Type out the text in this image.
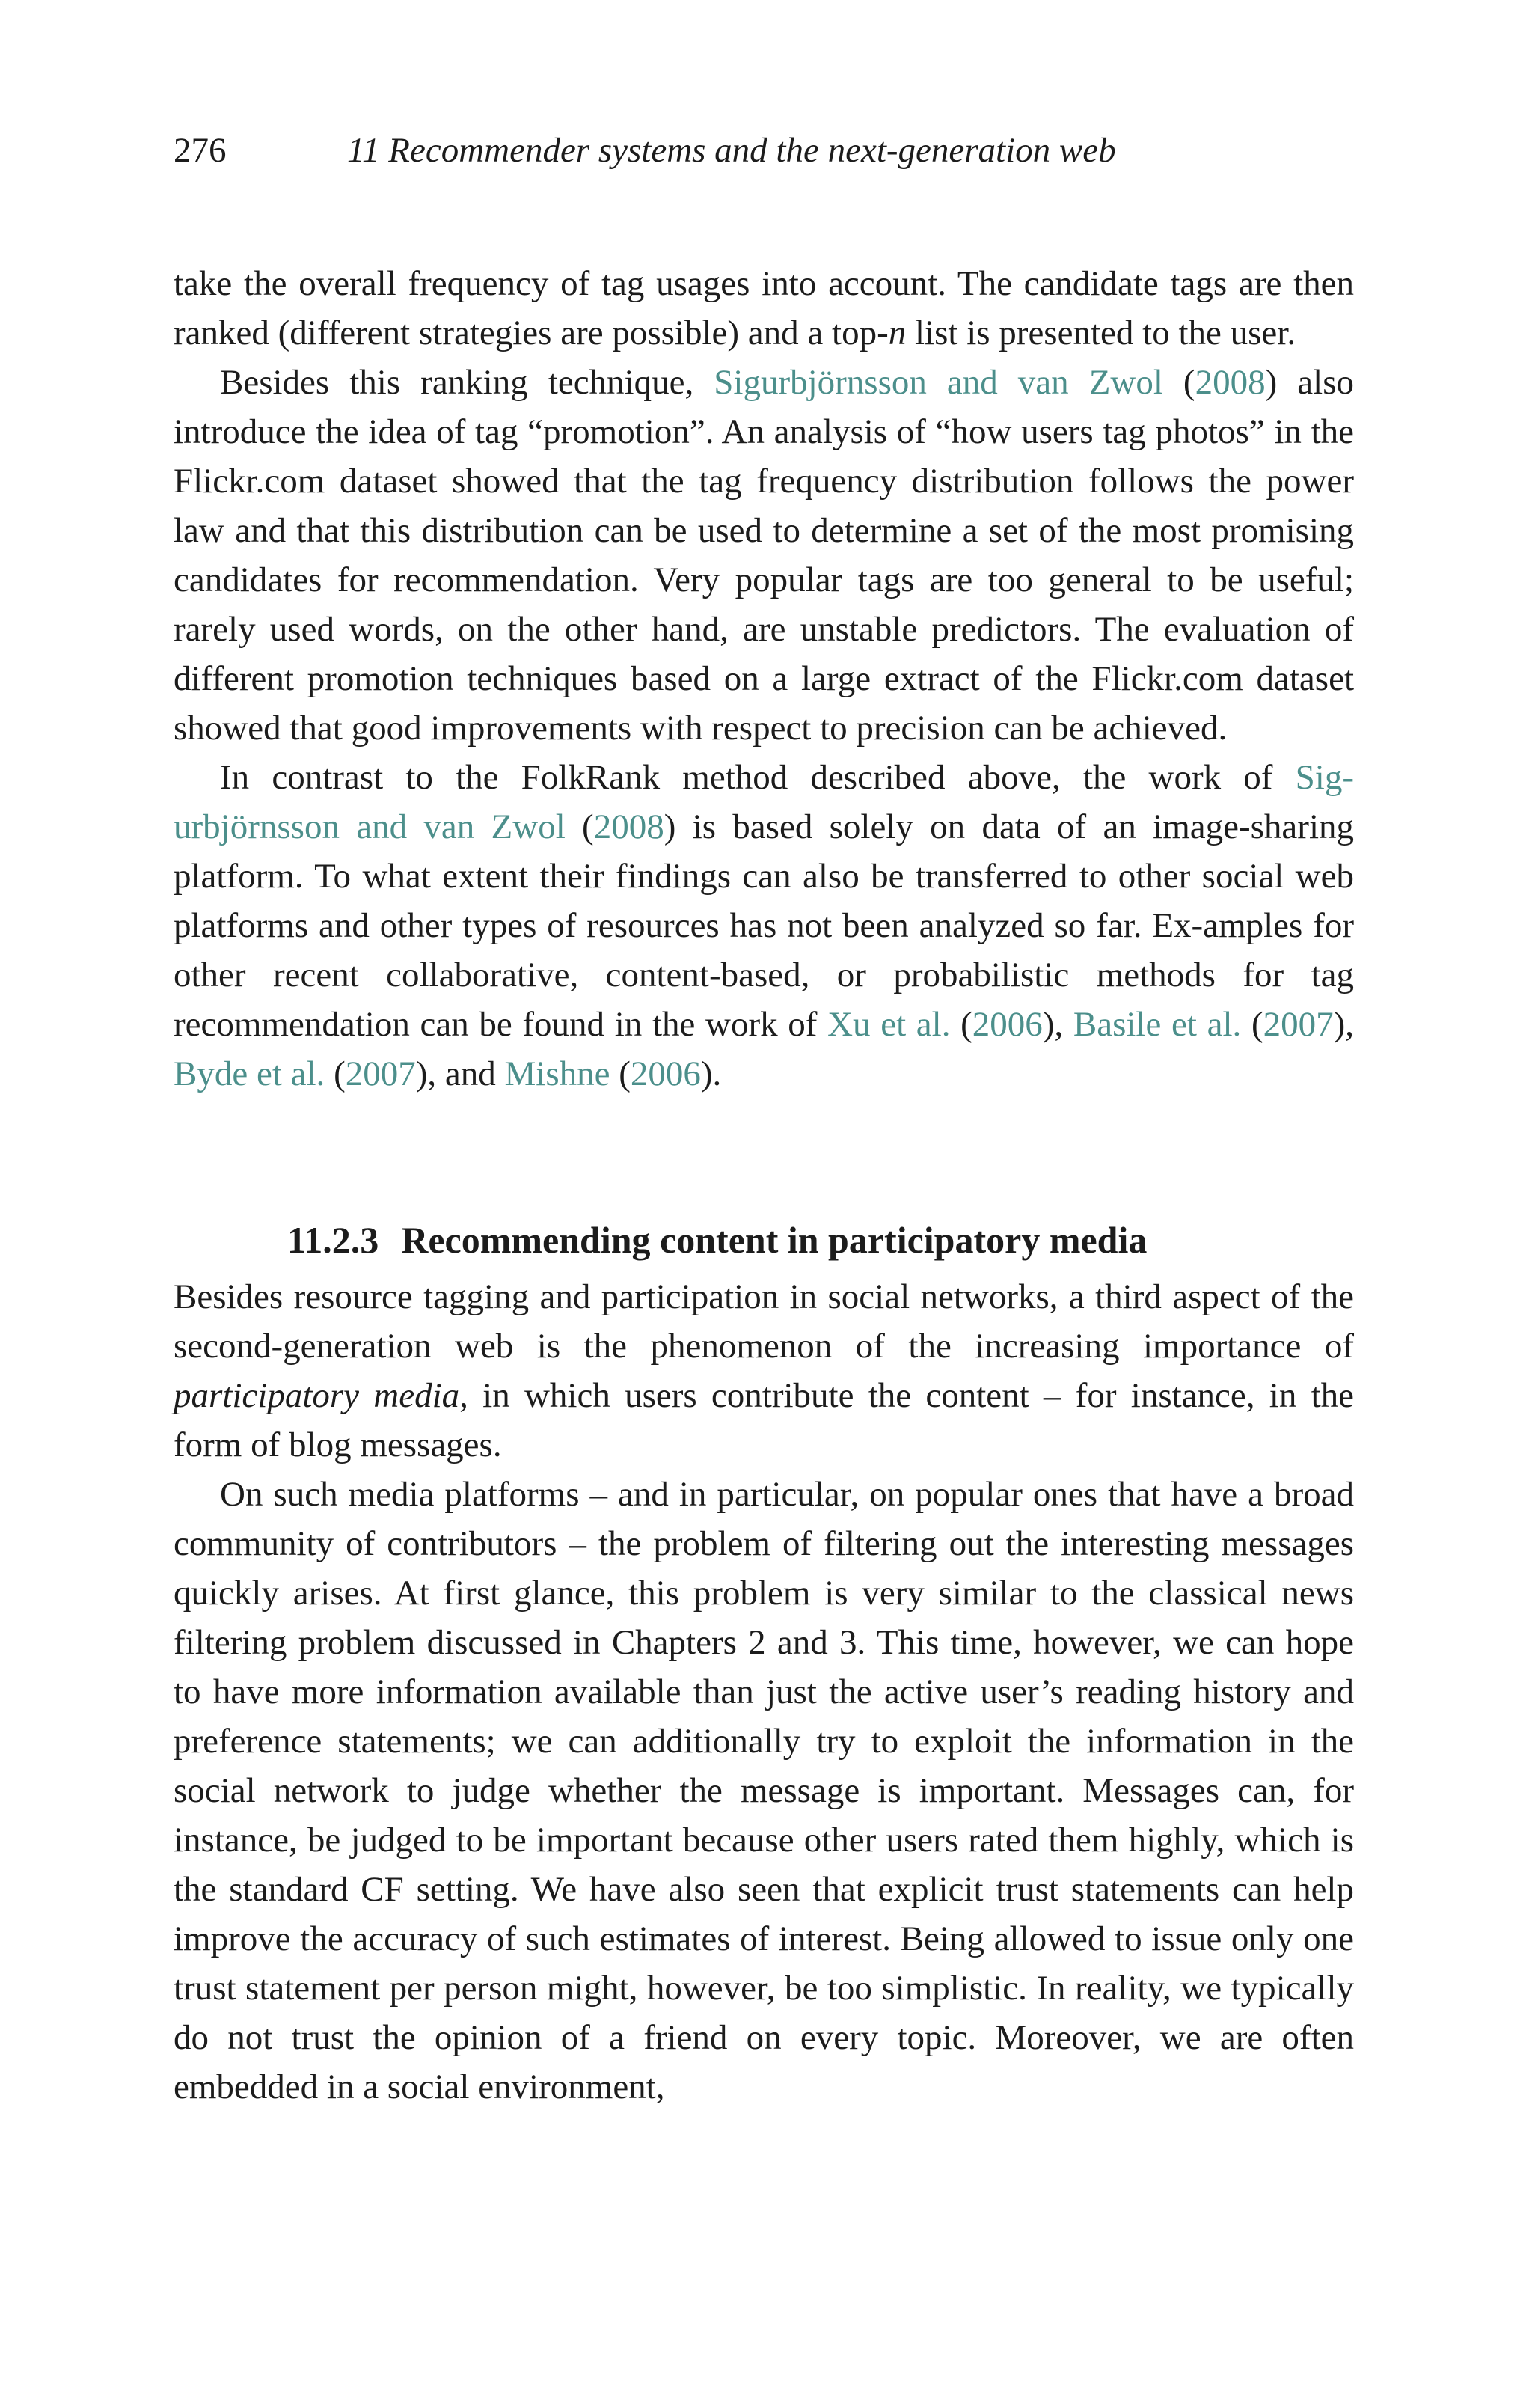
276	11 Recommender systems and the next-generation web

take the overall frequency of tag usages into account. The candidate tags are then ranked (different strategies are possible) and a top-n list is presented to the user.

Besides this ranking technique, Sigurbjörnsson and van Zwol (2008) also introduce the idea of tag “promotion”. An analysis of “how users tag photos” in the Flickr.com dataset showed that the tag frequency distribution follows the power law and that this distribution can be used to determine a set of the most promising candidates for recommendation. Very popular tags are too general to be useful; rarely used words, on the other hand, are unstable predictors. The evaluation of different promotion techniques based on a large extract of the Flickr.com dataset showed that good improvements with respect to precision can be achieved.

In contrast to the FolkRank method described above, the work of Sig- urbjörnsson and van Zwol (2008) is based solely on data of an image-sharing platform. To what extent their findings can also be transferred to other social web platforms and other types of resources has not been analyzed so far. Ex-amples for other recent collaborative, content-based, or probabilistic methods for tag recommendation can be found in the work of Xu et al. (2006), Basile et al. (2007), Byde et al. (2007), and Mishne (2006).

11.2.3 Recommending content in participatory media

Besides resource tagging and participation in social networks, a third aspect of the second-generation web is the phenomenon of the increasing importance of participatory media, in which users contribute the content – for instance, in the form of blog messages.

On such media platforms – and in particular, on popular ones that have a broad community of contributors – the problem of filtering out the interesting messages quickly arises. At first glance, this problem is very similar to the classical news filtering problem discussed in Chapters 2 and 3. This time, however, we can hope to have more information available than just the active user’s reading history and preference statements; we can additionally try to exploit the information in the social network to judge whether the message is important. Messages can, for instance, be judged to be important because other users rated them highly, which is the standard CF setting. We have also seen that explicit trust statements can help improve the accuracy of such estimates of interest. Being allowed to issue only one trust statement per person might, however, be too simplistic. In reality, we typically do not trust the opinion of a friend on every topic. Moreover, we are often embedded in a social environment,
